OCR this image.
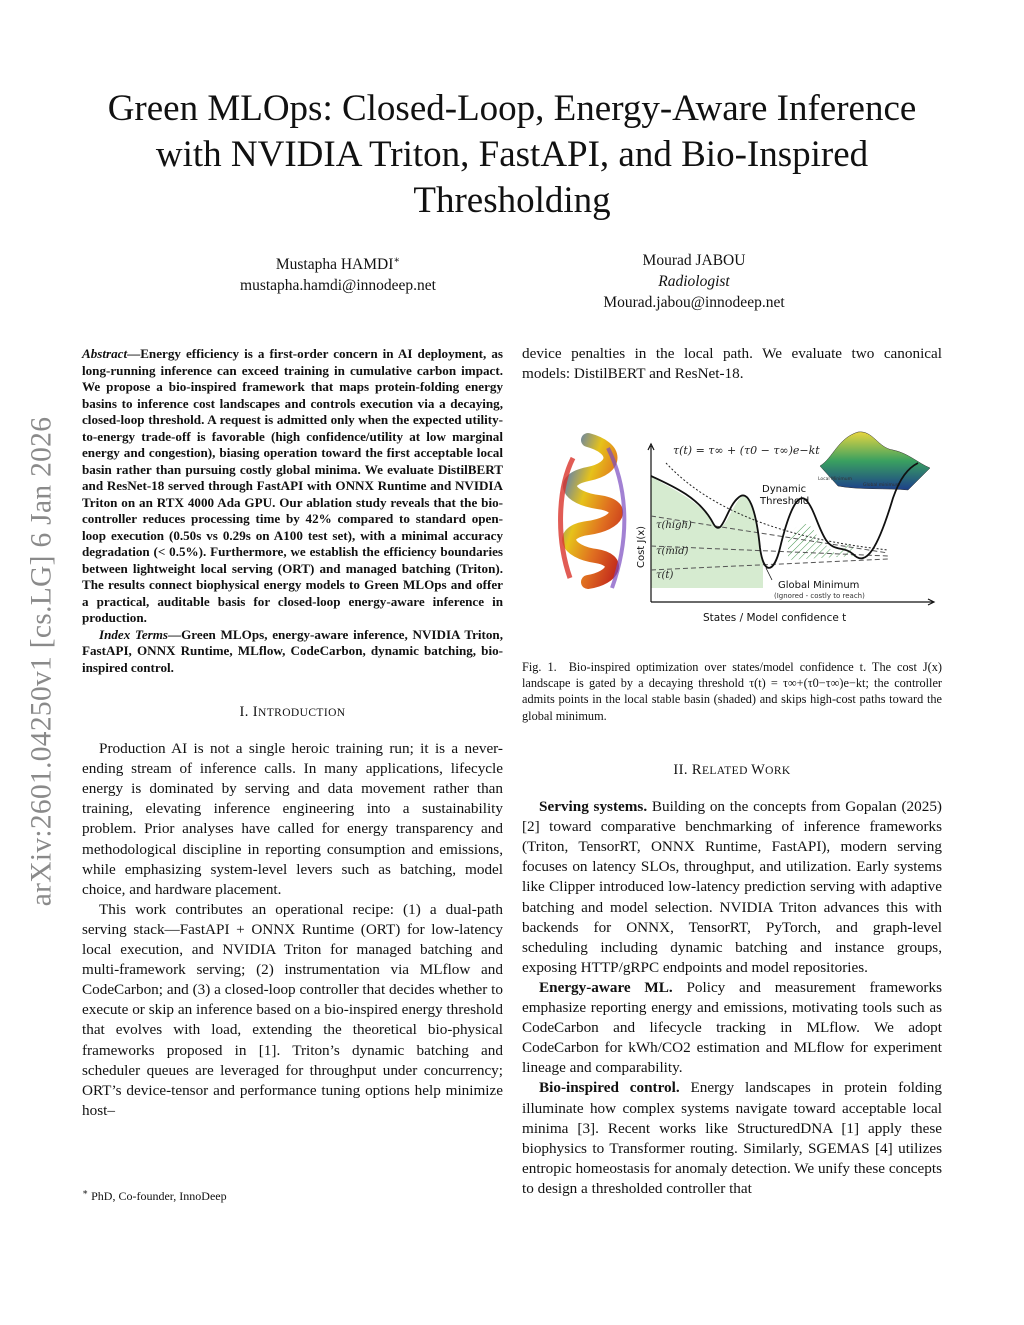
arXiv:2601.04250v1 [cs.LG] 6 Jan 2026
Green MLOps: Closed-Loop, Energy-Aware Inference with NVIDIA Triton, FastAPI, and Bio-Inspired Thresholding
Mustapha HAMDI∗
mustapha.hamdi@innodeep.net
Mourad JABOU
Radiologist
Mourad.jabou@innodeep.net

Abstract—Energy efficiency is a first-order concern in AI deployment, as long-running inference can exceed training in cumulative carbon impact. We propose a bio-inspired framework that maps protein-folding energy basins to inference cost landscapes and controls execution via a decaying, closed-loop threshold. A request is admitted only when the expected utility-to-energy trade-off is favorable (high confidence/utility at low marginal energy and congestion), biasing operation toward the first acceptable local basin rather than pursuing costly global minima. We evaluate DistilBERT and ResNet-18 served through FastAPI with ONNX Runtime and NVIDIA Triton on an RTX 4000 Ada GPU. Our ablation study reveals that the bio-controller reduces processing time by 42% compared to standard open-loop execution (0.50s vs 0.29s on A100 test set), with a minimal accuracy degradation (< 0.5%). Furthermore, we establish the efficiency boundaries between lightweight local serving (ORT) and managed batching (Triton). The results connect biophysical energy models to Green MLOps and offer a practical, auditable basis for closed-loop energy-aware inference in production.

Index Terms—Green MLOps, energy-aware inference, NVIDIA Triton, FastAPI, ONNX Runtime, MLflow, CodeCarbon, dynamic batching, bio-inspired control.

I. INTRODUCTION

Production AI is not a single heroic training run; it is a never-ending stream of inference calls. In many applications, lifecycle energy is dominated by serving and data movement rather than training, elevating inference engineering into a sustainability problem. Prior analyses have called for energy transparency and methodological discipline in reporting consumption and emissions, while emphasizing system-level levers such as batching, model choice, and hardware placement.

This work contributes an operational recipe: (1) a dual-path serving stack—FastAPI + ONNX Runtime (ORT) for low-latency local execution, and NVIDIA Triton for managed batching and multi-framework serving; (2) instrumentation via MLflow and CodeCarbon; and (3) a closed-loop controller that decides whether to execute or skip an inference based on a bio-inspired energy threshold that evolves with load, extending the theoretical bio-physical frameworks proposed in [1]. Triton’s dynamic batching and scheduler queues are leveraged for throughput under concurrency; ORT’s device-tensor and performance tuning options help minimize host–

∗ PhD, Co-founder, InnoDeep

device penalties in the local path. We evaluate two canonical models: DistilBERT and ResNet-18.

τ(t) = τ∞ + (τ0 − τ∞)e−kt
Local Minimum
Global minimum
Dynamic
Threshold
τ(high)
τ(mid)
τ(t)
Global Minimum
(Ignored - costly to reach)
Cost J(x)
States / Model confidence t
Fig. 1. Bio-inspired optimization over states/model confidence t. The cost J(x) landscape is gated by a decaying threshold τ(t) = τ∞+(τ0−τ∞)e−kt; the controller admits points in the local stable basin (shaded) and skips high-cost paths toward the global minimum.
II. RELATED WORK

Serving systems. Building on the concepts from Gopalan (2025) [2] toward comparative benchmarking of inference frameworks (Triton, TensorRT, ONNX Runtime, FastAPI), modern serving focuses on latency SLOs, throughput, and utilization. Early systems like Clipper introduced low-latency prediction serving with adaptive batching and model selection. NVIDIA Triton advances this with backends for ONNX, TensorRT, PyTorch, and graph-level scheduling including dynamic batching and instance groups, exposing HTTP/gRPC endpoints and model repositories.

Energy-aware ML. Policy and measurement frameworks emphasize reporting energy and emissions, motivating tools such as CodeCarbon and lifecycle tracking in MLflow. We adopt CodeCarbon for kWh/CO2 estimation and MLflow for experiment lineage and comparability.

Bio-inspired control. Energy landscapes in protein folding illuminate how complex systems navigate toward acceptable local minima [3]. Recent works like StructuredDNA [1] apply these biophysics to Transformer routing. Similarly, SGEMAS [4] utilizes entropic homeostasis for anomaly detection. We unify these concepts to design a thresholded controller that
